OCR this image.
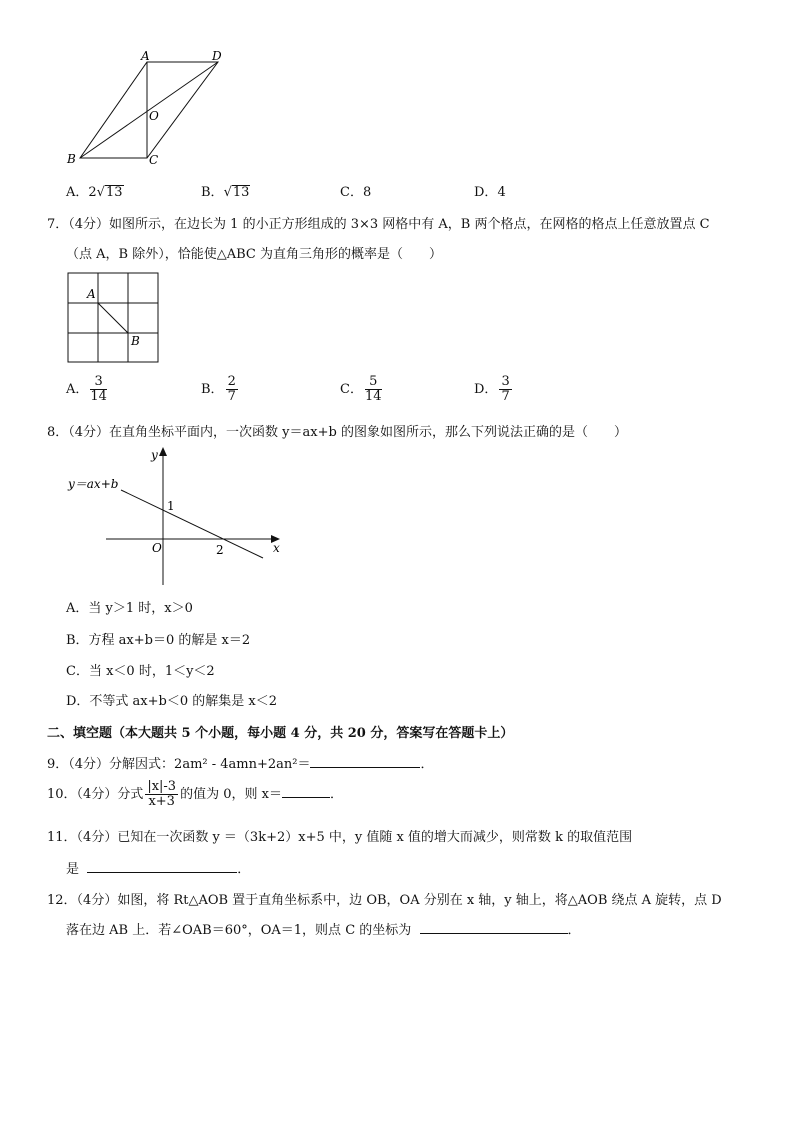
A	D
O
B	C
A．2√13	B．√13	C．8	D．4
7．（4分）如图所示，在边长为 1 的小正方形组成的 3×3 网格中有 A，B 两个格点，在网格的格点上任意放置点 C
（点 A，B 除外），恰能使△ABC 为直角三角形的概率是（　　）
A
B
A． $\frac{3}{14}$	B． $\frac{2}{7}$	C． $\frac{5}{14}$	D． $\frac{3}{7}$
8．（4分）在直角坐标平面内，一次函数 y＝ax+b 的图象如图所示，那么下列说法正确的是（　　）
y＝ax+b
y
x
O
1
2
A．当 y＞1 时，x＞0
B．方程 ax+b＝0 的解是 x＝2
C．当 x＜0 时，1＜y＜2
D．不等式 ax+b＜0 的解集是 x＜2
二、填空题（本大题共 5 个小题，每小题 4 分，共 20 分，答案写在答题卡上）
9．（4分）分解因式：2am² - 4amn+2an²＝	．
10．（4分）分式 $\frac{|x|-3}{x+3}$ 的值为 0，则 x＝	．
11．（4分）已知在一次函数 y ＝（3k+2）x+5 中，y 值随 x 值的增大而减少，则常数 k 的取值范围
是	．
12．（4分）如图，将 Rt△AOB 置于直角坐标系中，边 OB，OA 分别在 x 轴，y 轴上，将△AOB 绕点 A 旋转，点 D
落在边 AB 上．若∠OAB＝60°，OA＝1，则点 C 的坐标为	．
